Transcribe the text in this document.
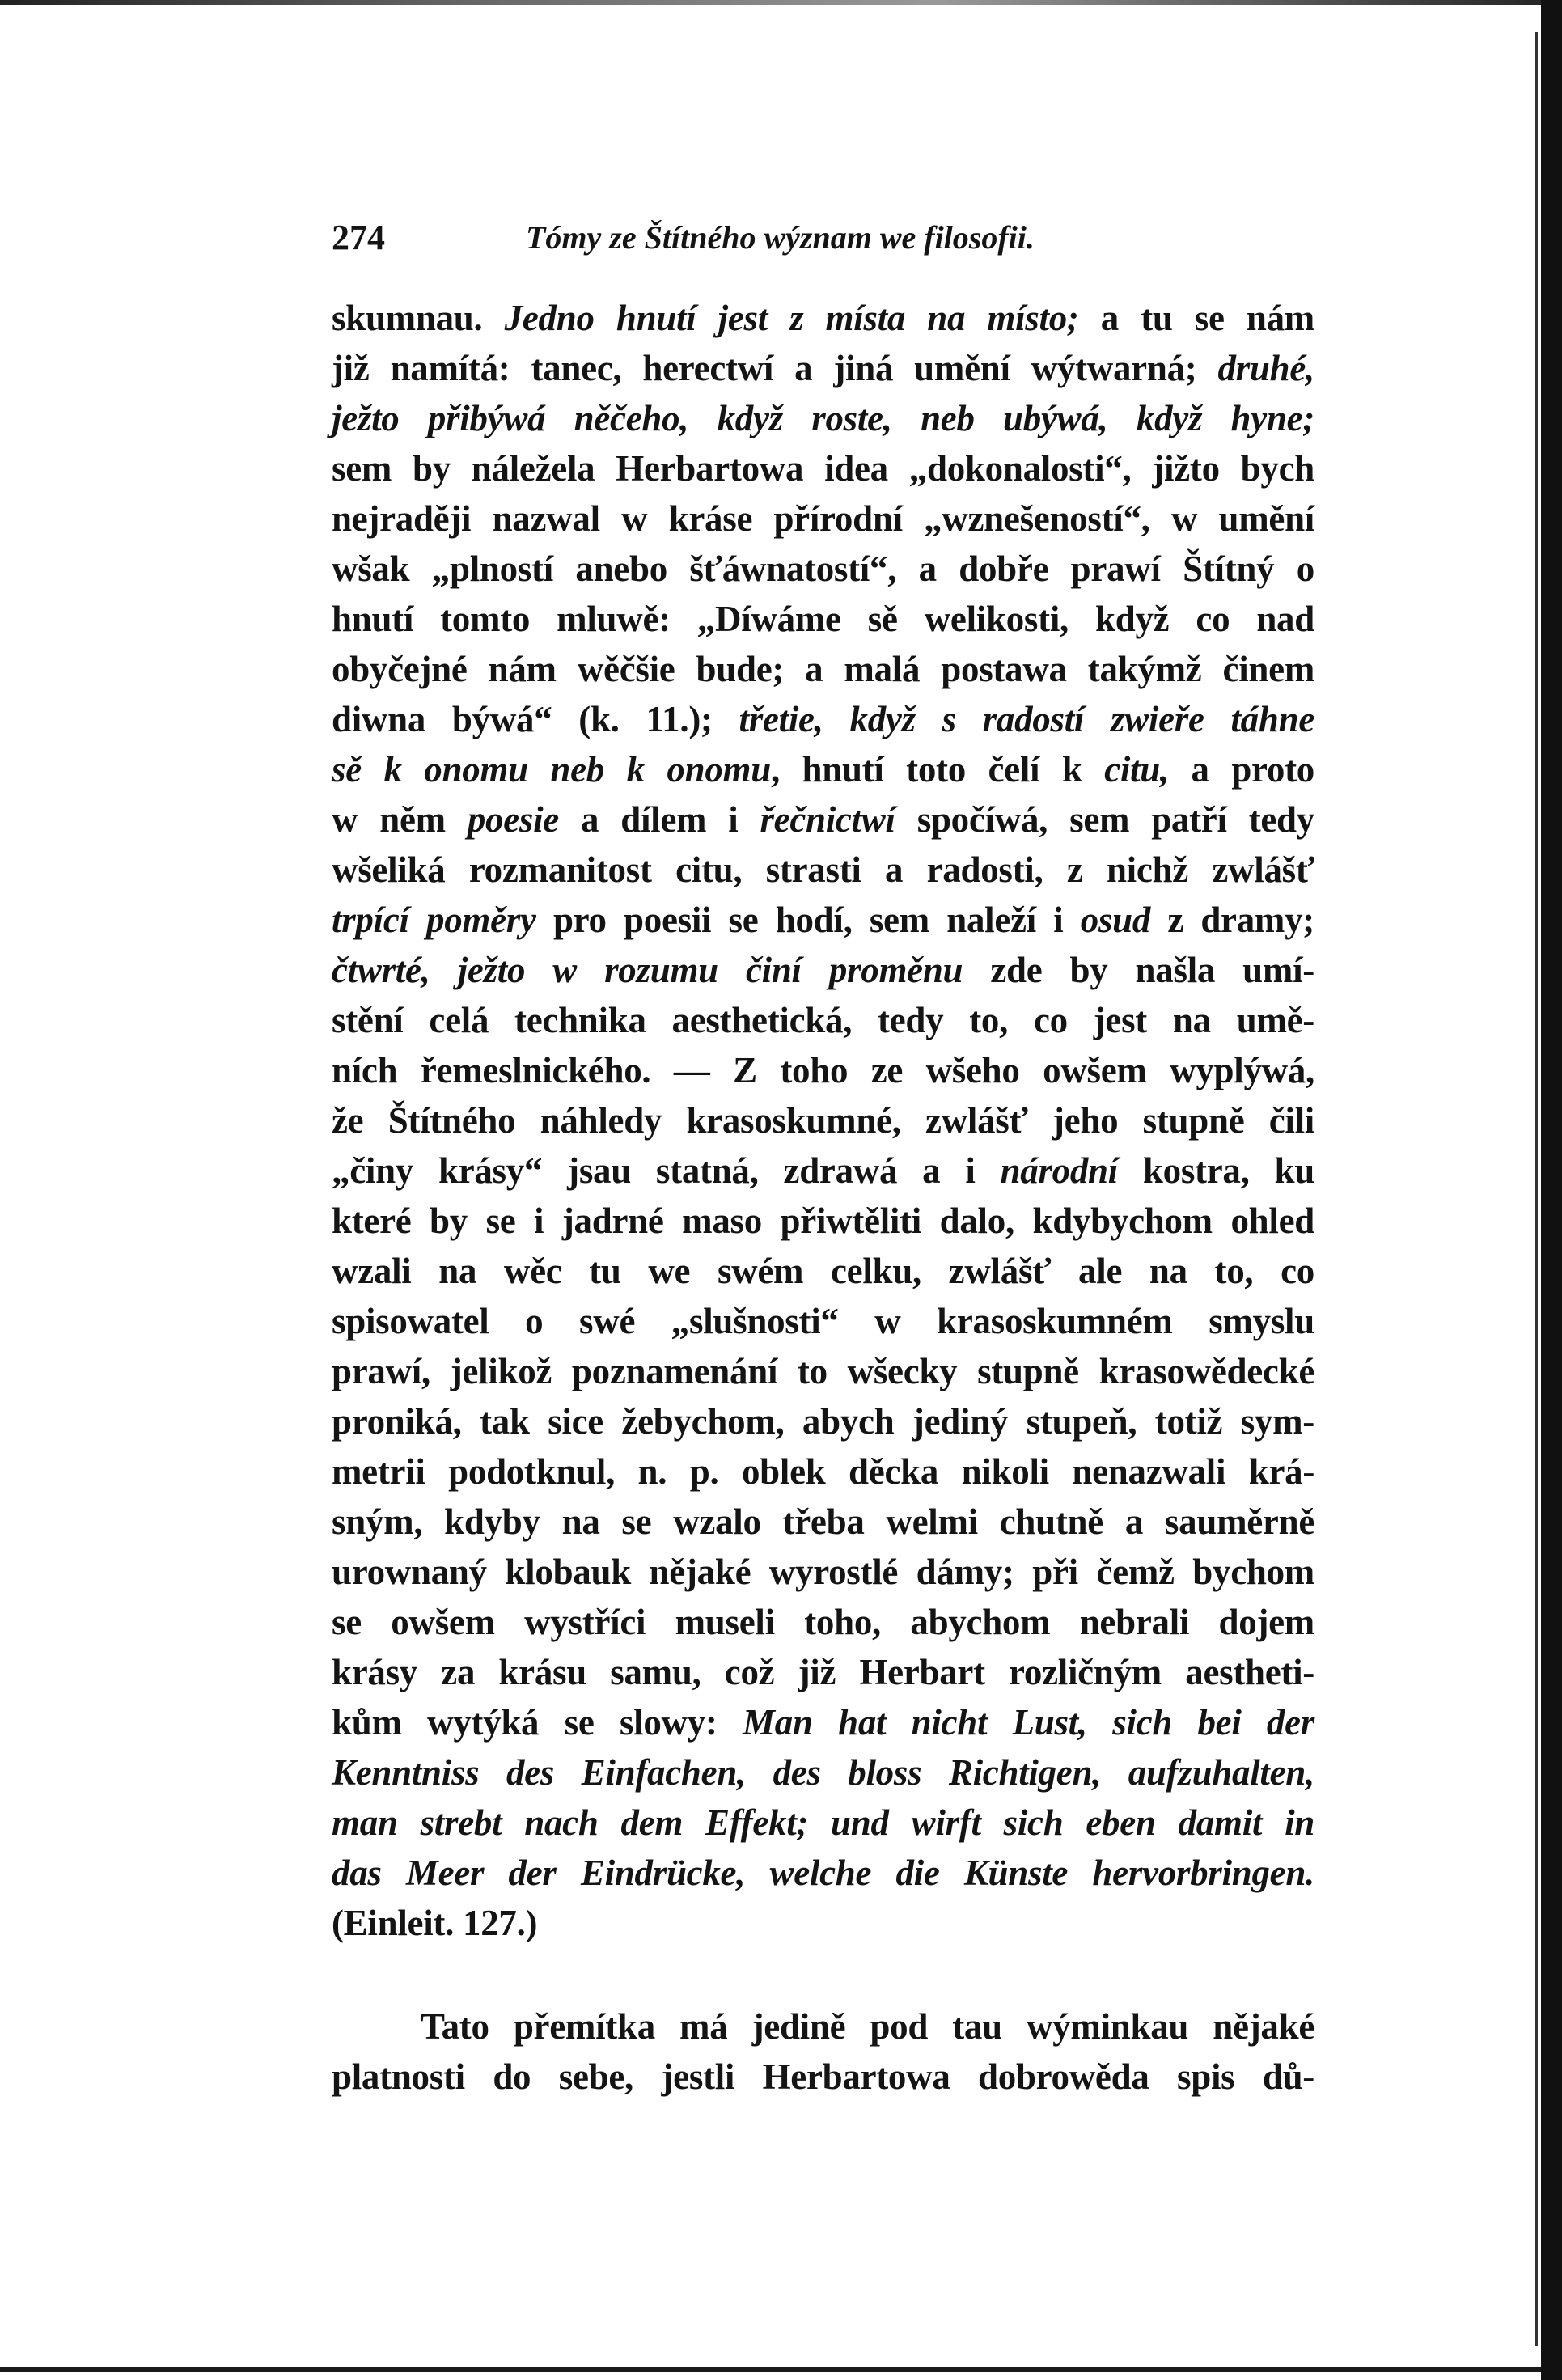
274	Tómy ze Štítného wýznam we filosofii.
skumnau. Jedno hnutí jest z místa na místo; a tu se nám
již namítá: tanec, herectwí a jiná umění wýtwarná; druhé,
ježto přibýwá něčeho, když roste, neb ubýwá, když hyne;
sem by náležela Herbartowa idea „dokonalosti“, jižto bych
nejraději nazwal w kráse přírodní „wznešeností“, w umění
wšak „plností anebo šťáwnatostí“, a dobře prawí Štítný o
hnutí tomto mluwě: „Díwáme sě welikosti, když co nad
obyčejné nám wěčšie bude; a malá postawa takýmž činem
diwna býwá“ (k. 11.); třetie, když s radostí zwieře táhne
sě k onomu neb k onomu, hnutí toto čelí k citu, a proto
w něm poesie a dílem i řečnictwí spočíwá, sem patří tedy
wšeliká rozmanitost citu, strasti a radosti, z nichž zwlášť
trpící poměry pro poesii se hodí, sem naleží i osud z dramy;
čtwrté, ježto w rozumu činí proměnu zde by našla umí-
stění celá technika aesthetická, tedy to, co jest na umě-
ních řemeslnického. — Z toho ze wšeho owšem wyplýwá,
že Štítného náhledy krasoskumné, zwlášť jeho stupně čili
„činy krásy“ jsau statná, zdrawá a i národní kostra, ku
které by se i jadrné maso přiwtěliti dalo, kdybychom ohled
wzali na wěc tu we swém celku, zwlášť ale na to, co
spisowatel o swé „slušnosti“ w krasoskumném smyslu
prawí, jelikož poznamenání to wšecky stupně krasowědecké
proniká, tak sice žebychom, abych jediný stupeň, totiž sym-
metrii podotknul, n. p. oblek děcka nikoli nenazwali krá-
sným, kdyby na se wzalo třeba welmi chutně a sauměrně
urownaný klobauk nějaké wyrostlé dámy; při čemž bychom
se owšem wystříci museli toho, abychom nebrali dojem
krásy za krásu samu, což již Herbart rozličným aestheti-
kům wytýká se slowy: Man hat nicht Lust, sich bei der
Kenntniss des Einfachen, des bloss Richtigen, aufzuhalten,
man strebt nach dem Effekt; und wirft sich eben damit in
das Meer der Eindrücke, welche die Künste hervorbringen.
(Einleit. 127.)
Tato přemítka má jedině pod tau wýminkau nějaké
platnosti do sebe, jestli Herbartowa dobrowěda spis dů-
